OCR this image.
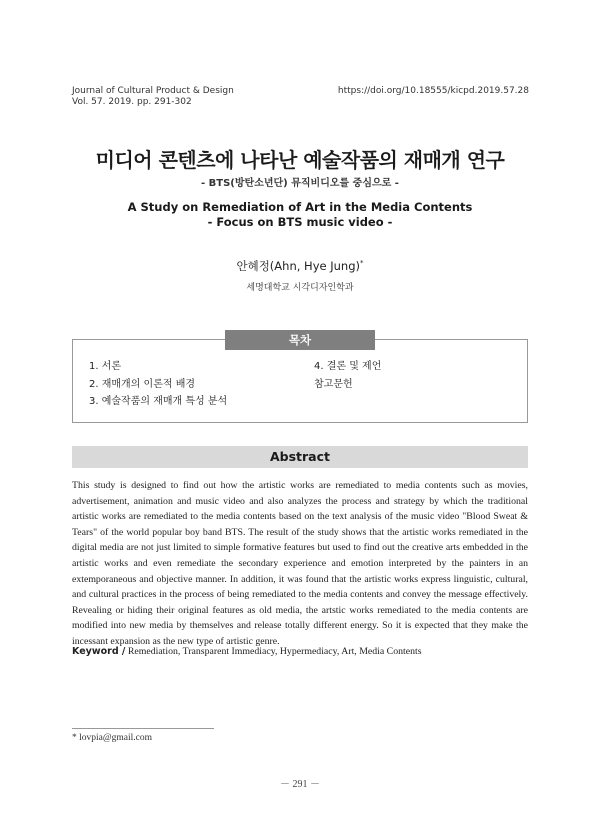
Journal of Cultural Product & Design
Vol. 57. 2019. pp. 291-302
https://doi.org/10.18555/kicpd.2019.57.28
미디어 콘텐츠에 나타난 예술작품의 재매개 연구
- BTS(방탄소년단) 뮤직비디오를 중심으로 -
A Study on Remediation of Art in the Media Contents
- Focus on BTS music video -
안혜정(Ahn, Hye Jung)*
세명대학교 시각디자인학과
목차
1. 서론
2. 재매개의 이론적 배경
3. 예술작품의 재매개 특성 분석
4. 결론 및 제언
참고문헌
Abstract
This study is designed to find out how the artistic works are remediated to media contents such as movies, advertisement, animation and music video and also analyzes the process and strategy by which the traditional artistic works are remediated to the media contents based on the text analysis of the music video "Blood Sweat & Tears" of the world popular boy band BTS. The result of the study shows that the artistic works remediated in the digital media are not just limited to simple formative features but used to find out the creative arts embedded in the artistic works and even remediate the secondary experience and emotion interpreted by the painters in an extemporaneous and objective manner. In addition, it was found that the artistic works express linguistic, cultural, and cultural practices in the process of being remediated to the media contents and convey the message effectively. Revealing or hiding their original features as old media, the artstic works remediated to the media contents are modified into new media by themselves and release totally different energy. So it is expected that they make the incessant expansion as the new type of artistic genre.
Keyword / Remediation, Transparent Immediacy, Hypermediacy, Art, Media Contents
* lovpia@gmail.com
－ 291 －
